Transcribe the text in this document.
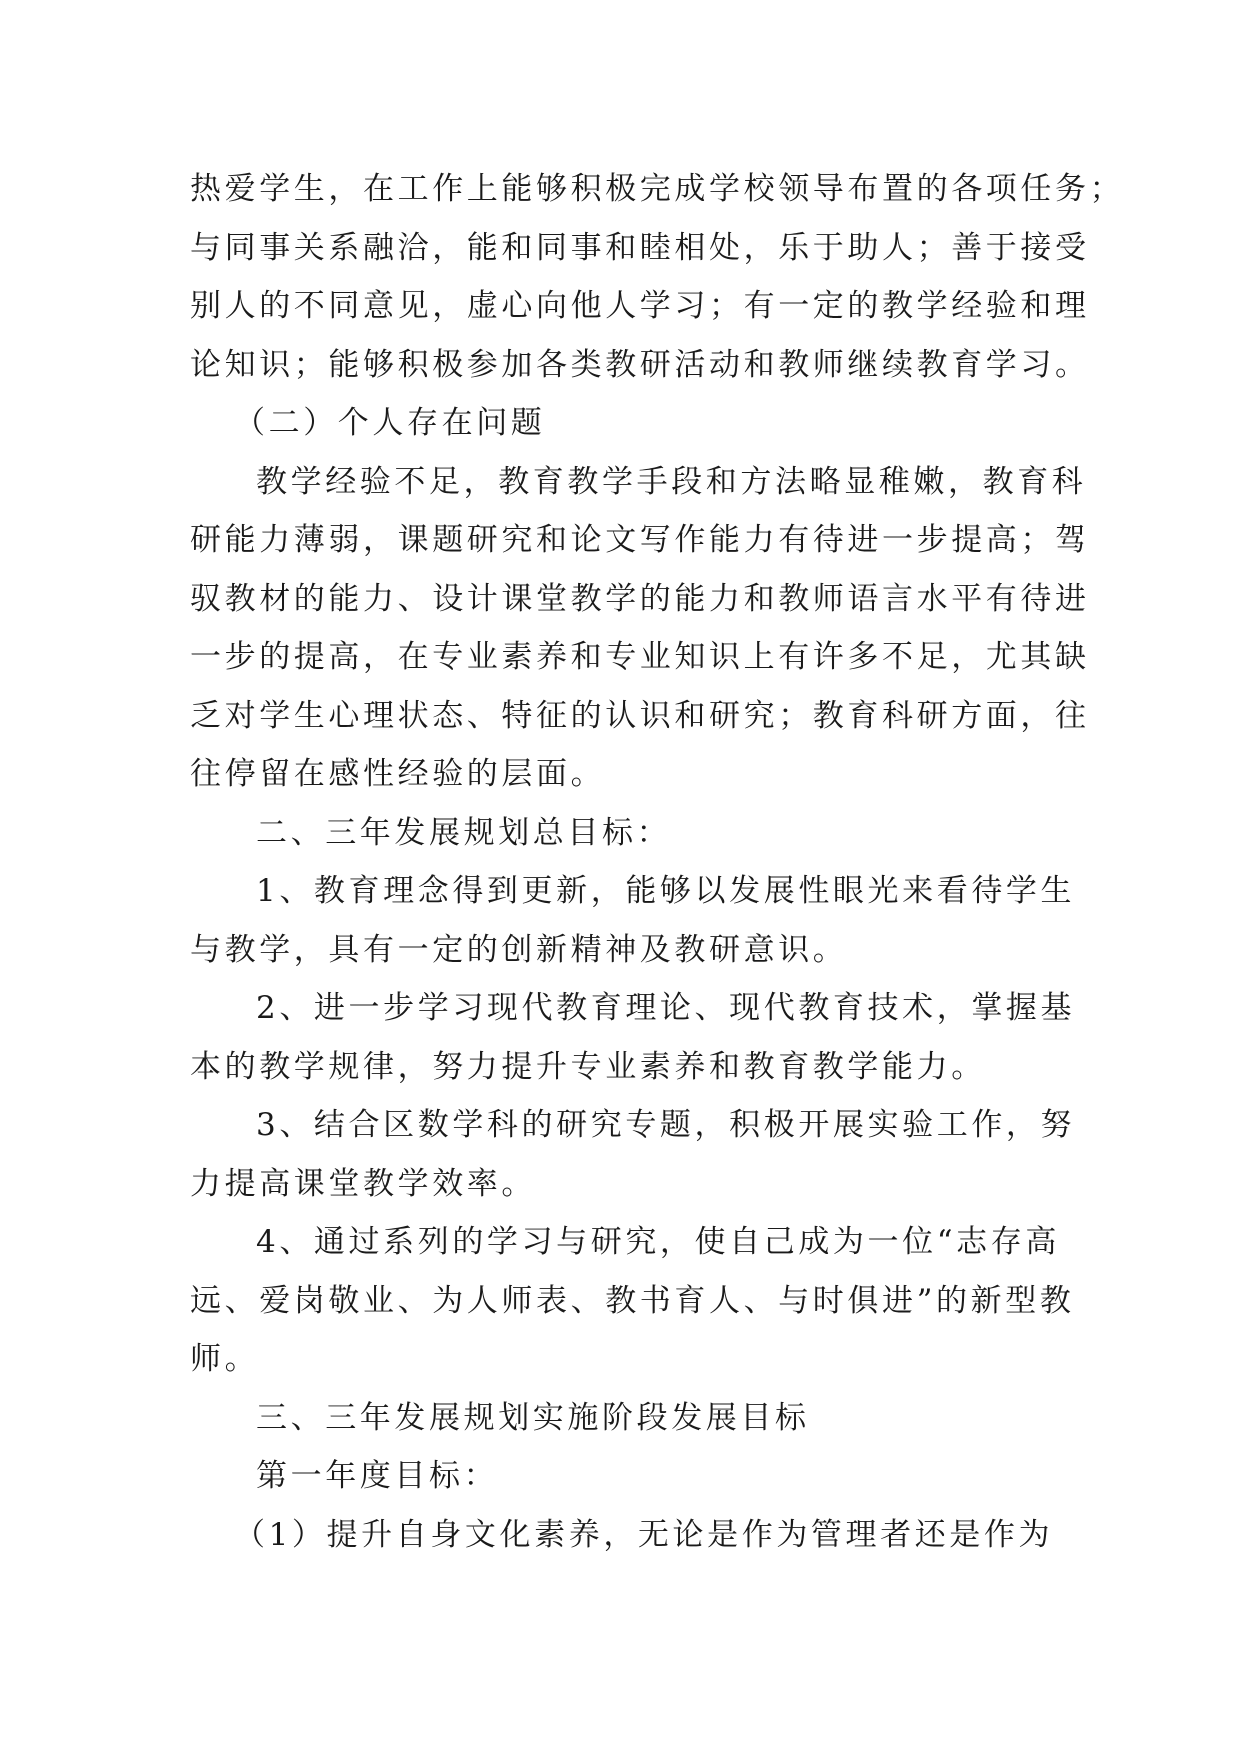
热爱学生，在工作上能够积极完成学校领导布置的各项任务；
与同事关系融洽，能和同事和睦相处，乐于助人；善于接受
别人的不同意见，虚心向他人学习；有一定的教学经验和理
论知识；能够积极参加各类教研活动和教师继续教育学习。
（二）个人存在问题
教学经验不足，教育教学手段和方法略显稚嫩，教育科
研能力薄弱，课题研究和论文写作能力有待进一步提高；驾
驭教材的能力、设计课堂教学的能力和教师语言水平有待进
一步的提高，在专业素养和专业知识上有许多不足，尤其缺
乏对学生心理状态、特征的认识和研究；教育科研方面，往
往停留在感性经验的层面。
二、三年发展规划总目标：
1、教育理念得到更新，能够以发展性眼光来看待学生
与教学，具有一定的创新精神及教研意识。
2、进一步学习现代教育理论、现代教育技术，掌握基
本的教学规律，努力提升专业素养和教育教学能力。
3、结合区数学科的研究专题，积极开展实验工作，努
力提高课堂教学效率。
4、通过系列的学习与研究，使自己成为一位“志存高
远、爱岗敬业、为人师表、教书育人、与时俱进”的新型教
师。
三、三年发展规划实施阶段发展目标
第一年度目标：
（1）提升自身文化素养，无论是作为管理者还是作为
